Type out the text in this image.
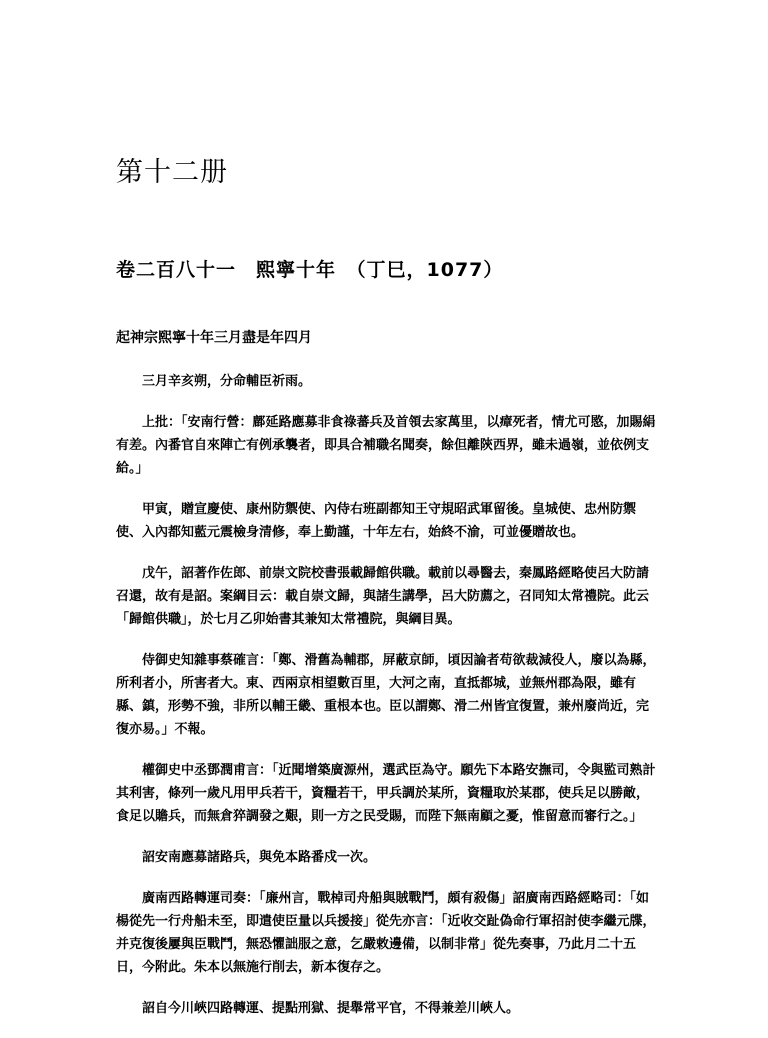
第十二册
卷二百八十一　熙寧十年　（丁巳，1077）

起神宗熙寧十年三月盡是年四月

三月辛亥朔，分命輔臣祈雨。

上批：「安南行營：鄜延路應募非食祿蕃兵及首領去家萬里，以瘴死者，情尤可愍，加賜絹有差。內番官自來陣亡有例承襲者，即具合補職名聞奏，餘但離陝西界，雖未過嶺，並依例支給。」

甲寅，贈宣慶使、康州防禦使、內侍右班副都知王守規昭武軍留後。皇城使、忠州防禦使、入內都知藍元震檢身清修，奉上勤謹，十年左右，始終不渝，可並優贈故也。

戊午，詔著作佐郎、前崇文院校書張載歸館供職。載前以尋醫去，秦鳳路經略使呂大防請召還，故有是詔。案綱目云：載自崇文歸，與諸生講學，呂大防薦之，召同知太常禮院。此云「歸館供職」，於七月乙卯始書其兼知太常禮院，與綱目異。

侍御史知雜事蔡確言：「鄭、滑舊為輔郡，屏蔽京師，頃因論者苟欲裁減役人，廢以為縣，所利者小，所害者大。東、西兩京相望數百里，大河之南，直抵都城，並無州郡為限，雖有縣、鎮，形勢不強，非所以輔王畿、重根本也。臣以謂鄭、滑二州皆宜復置，兼州廢尚近，完復亦易。」不報。

權御史中丞鄧潤甫言：「近聞增築廣源州，選武臣為守。願先下本路安撫司，令與監司熟計其利害，條列一歲凡用甲兵若干，資糧若干，甲兵調於某所，資糧取於某郡，使兵足以勝敵，食足以贍兵，而無倉猝調發之艱，則一方之民受賜，而陛下無南顧之憂，惟留意而審行之。」

詔安南應募諸路兵，與免本路番戍一次。

廣南西路轉運司奏：「廉州言，戰棹司舟船與賊戰鬥，頗有殺傷」詔廣南西路經略司：「如楊從先一行舟船未至，即遣使臣量以兵援接」從先亦言：「近收交趾偽命行軍招討使李繼元牒，并克復後屢與臣戰鬥，無恐懼詘服之意，乞嚴敕邊備，以制非常」從先奏事，乃此月二十五日，今附此。朱本以無施行削去，新本復存之。

詔自今川峽四路轉運、提點刑獄、提舉常平官，不得兼差川峽人。
